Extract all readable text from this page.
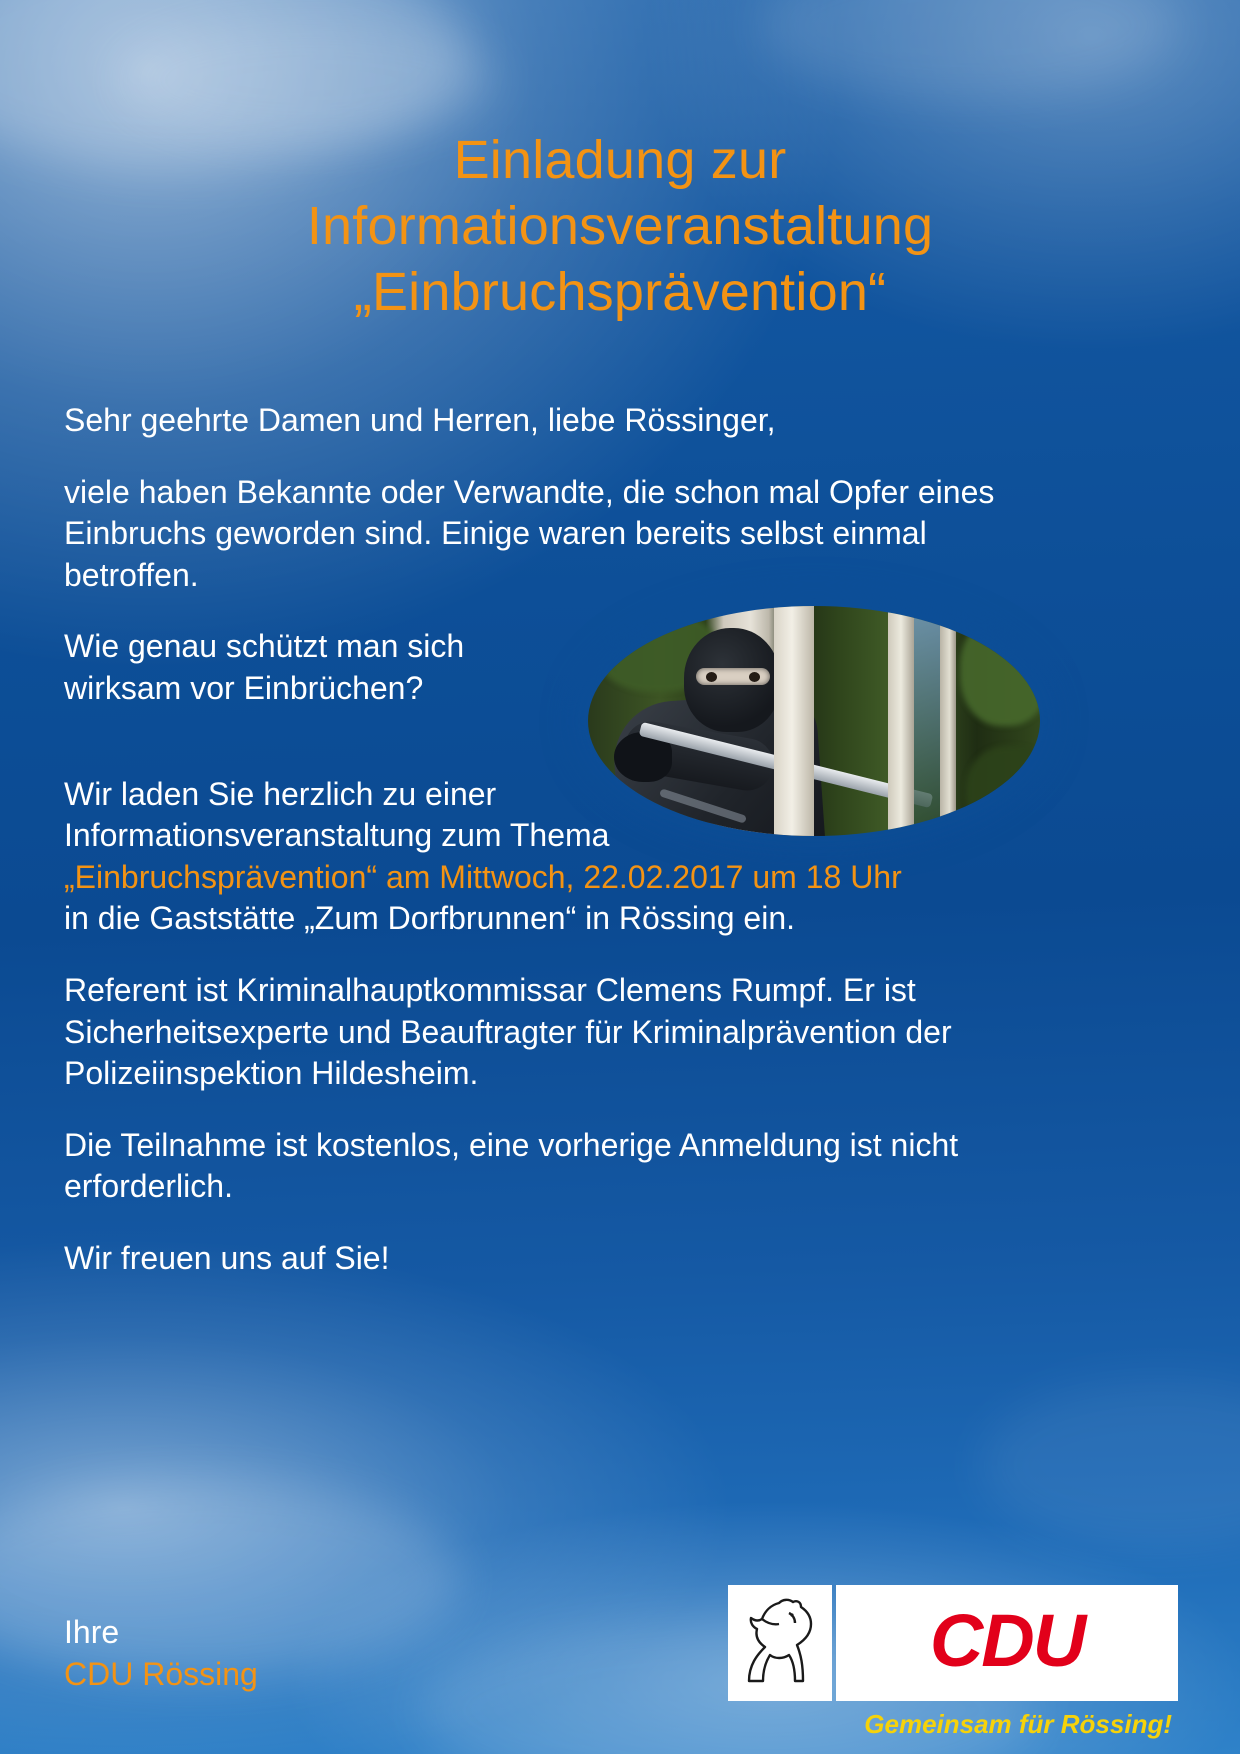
Einladung zur
Informationsveranstaltung
„Einbruchsprävention“

Sehr geehrte Damen und Herren, liebe Rössinger,

viele haben Bekannte oder Verwandte, die schon mal Opfer eines Einbruchs geworden sind. Einige waren bereits selbst einmal betroffen.

Wie genau schützt man sich

wirksam vor Einbrüchen?

Wir laden Sie herzlich zu einer

Informationsveranstaltung zum Thema

„Einbruchsprävention“ am Mittwoch, 22.02.2017 um 18 Uhr

in die Gaststätte „Zum Dorfbrunnen“ in Rössing ein.

Referent ist Kriminalhauptkommissar Clemens Rumpf. Er ist Sicherheitsexperte und Beauftragter für Kriminalprävention der Polizeiinspektion Hildesheim.

Die Teilnahme ist kostenlos, eine vorherige Anmeldung ist nicht erforderlich.

Wir freuen uns auf Sie!

Ihre
CDU Rössing	CDU
Gemeinsam für Rössing!
